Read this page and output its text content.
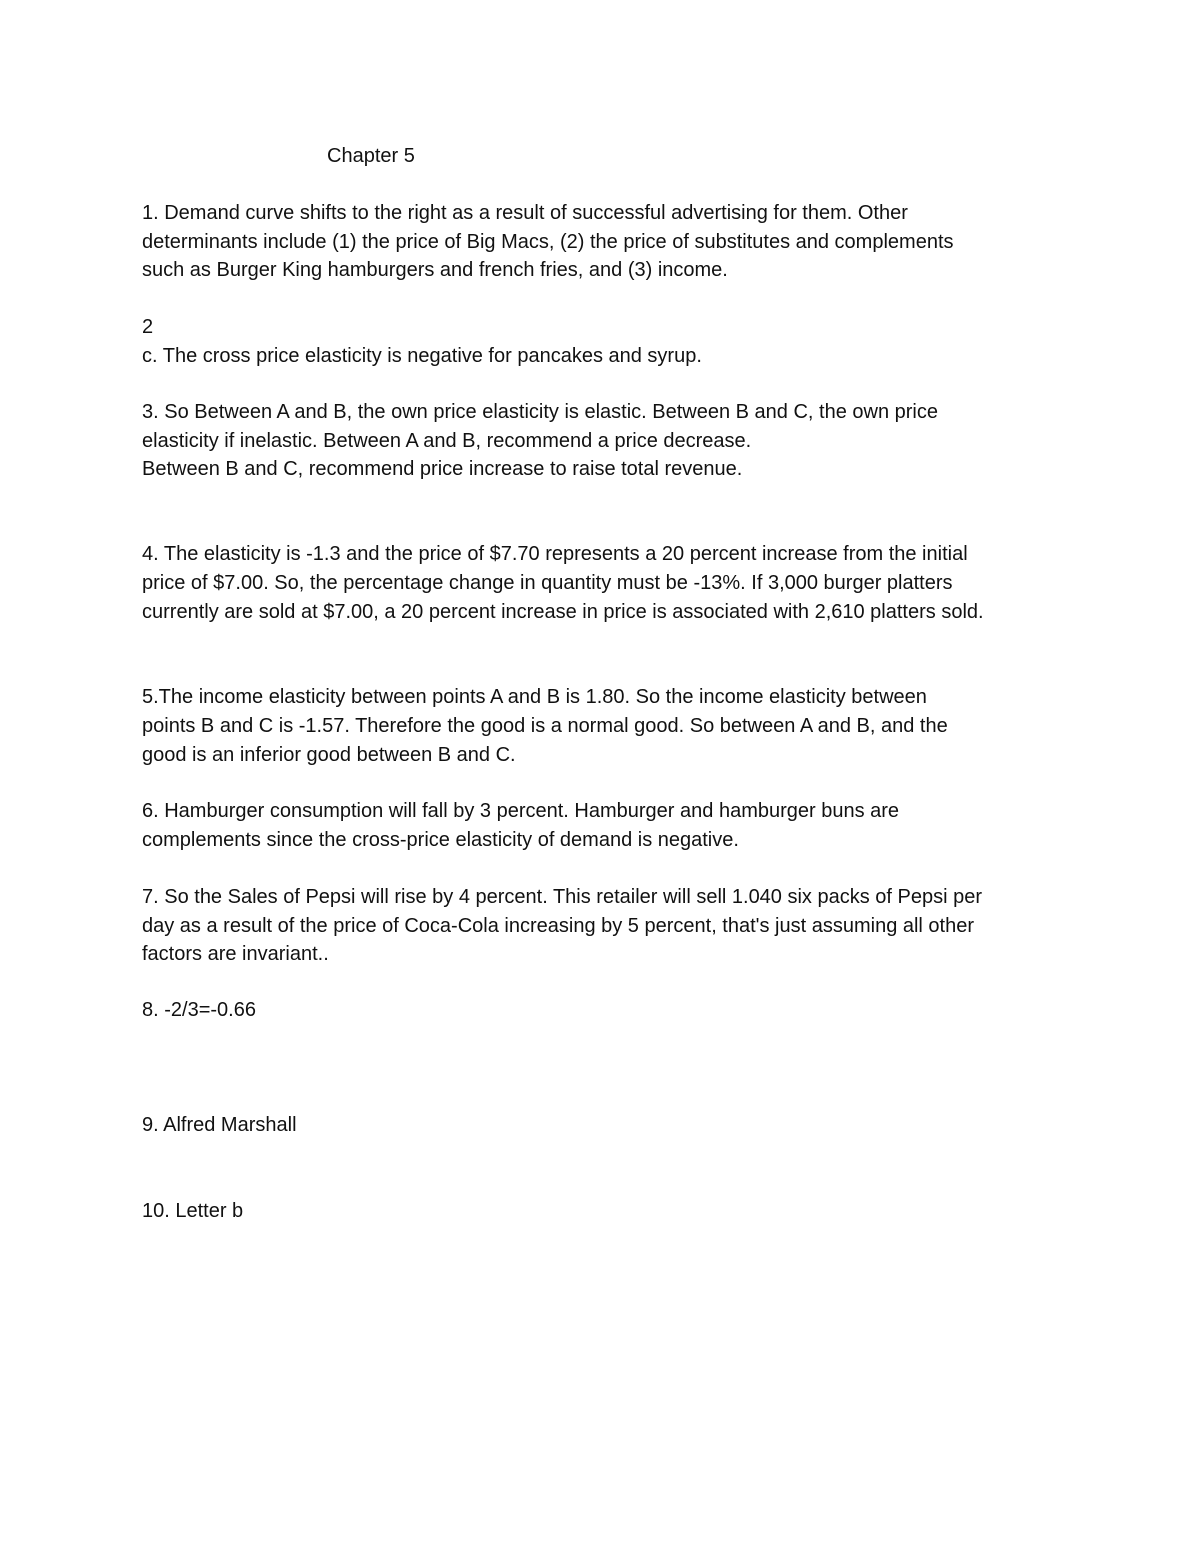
Chapter 5
1. Demand curve shifts to the right as a result of successful advertising for them. Other
determinants include (1) the price of Big Macs, (2) the price of substitutes and complements
such as Burger King hamburgers and french fries, and (3) income.
2
c. The cross price elasticity is negative for pancakes and syrup.
3. So Between A and B, the own price elasticity is elastic. Between B and C, the own price
elasticity if inelastic. Between A and B, recommend a price decrease.
Between B and C, recommend price increase to raise total revenue.
4. The elasticity is -1.3 and the price of $7.70 represents a 20 percent increase from the initial
price of $7.00. So, the percentage change in quantity must be -13%. If 3,000 burger platters
currently are sold at $7.00, a 20 percent increase in price is associated with 2,610 platters sold.
5.The income elasticity between points A and B is 1.80. So the income elasticity between
points B and C is -1.57. Therefore the good is a normal good. So between A and B, and the
good is an inferior good between B and C.
6. Hamburger consumption will fall by 3 percent. Hamburger and hamburger buns are
complements since the cross-price elasticity of demand is negative.
7. So the Sales of Pepsi will rise by 4 percent. This retailer will sell 1.040 six packs of Pepsi per
day as a result of the price of Coca-Cola increasing by 5 percent, that's just assuming all other
factors are invariant..
8. -2/3=-0.66
9. Alfred Marshall
10. Letter b
